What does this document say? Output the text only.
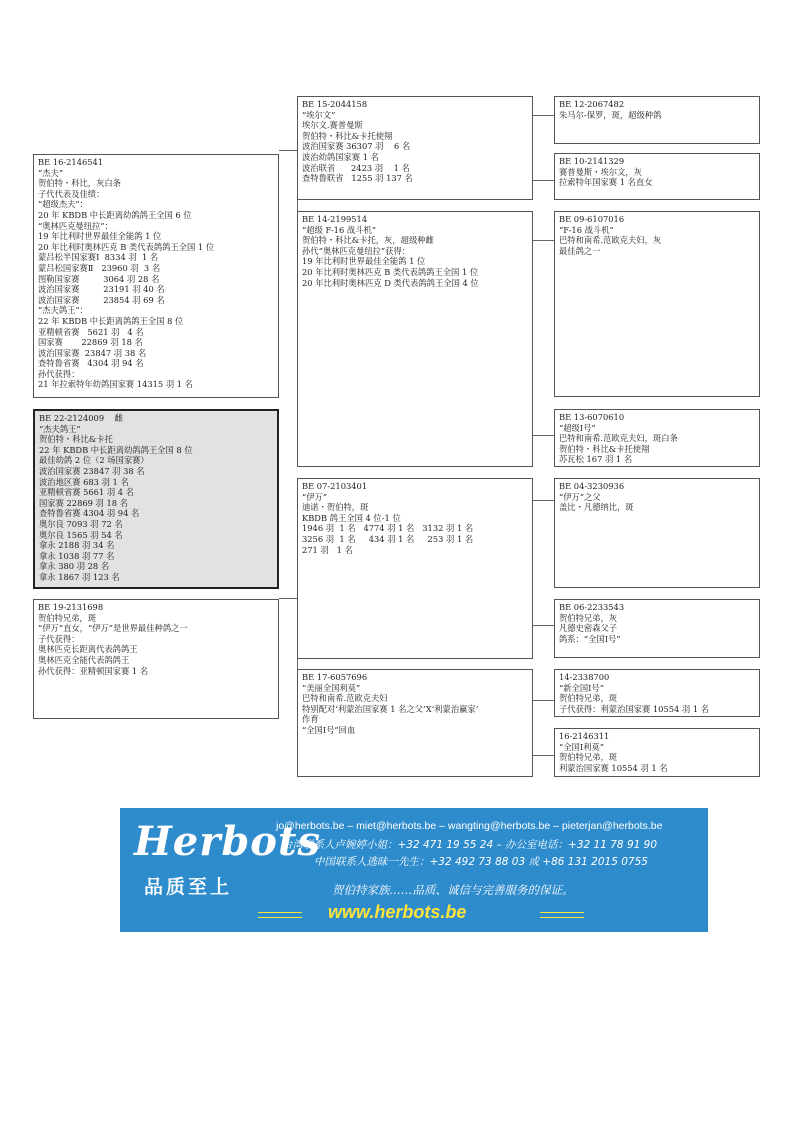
BE 16-2146541
“杰夫”
贺伯特・科比，灰白条
子代代表及佳绩：
“超级杰夫”：
20 年 KBDB 中长距离幼鸽鸽王全国 6 位
“奥林匹克曼纽拉”：
19 年比利时世界最佳全能鸽 1 位
20 年比利时奥林匹克 B 类代表鸽鸽王全国 1 位
蒙吕松半国家赛Ⅰ  8334 羽  1 名
蒙吕松国家赛Ⅱ   23960 羽  3 名
图勒国家赛         3064 羽 28 名
波治国家赛         23191 羽 40 名
波治国家赛         23854 羽 69 名
“杰夫鸽王”：
22 年 KBDB 中长距离鸽鸽王全国 8 位
亚精顿省赛   5621 羽   4 名
国家赛       22869 羽 18 名
波治国家赛  23847 羽 38 名
查特鲁省赛   4304 羽 94 名
孙代获得：
21 年拉索特年幼鸽国家赛 14315 羽 1 名
BE 22-2124009    雌
“杰夫鸽王”
贺伯特・科比&卡托
22 年 KBDB 中长距离幼鸽鸽王全国 8 位
最佳幼鸽 2 位（2 场国家赛）
波治国家赛 23847 羽 38 名
波治地区赛 683 羽 1 名
亚精顿省赛 5661 羽 4 名
国家赛 22869 羽 18 名
查特鲁省赛 4304 羽 94 名
奥尔良 7093 羽 72 名
奥尔良 1565 羽 54 名
拿永 2188 羽 34 名
拿永 1038 羽 77 名
拿永 380 羽 28 名
拿永 1867 羽 123 名
BE 19-2131698
贺伯特兄弟，斑
“伊万”直女，“伊万”是世界最佳种鸽之一
子代获得：
奥林匹克长距离代表鸽鸽王
奥林匹克全能代表鸽鸽王
孙代获得：亚精顿国家赛 1 名
BE 15-2044158
“埃尔文”
埃尔文.赛普曼斯
贺伯特・科比&卡托使翔
波治国家赛 36307 羽    6 名
波治幼鸽国家赛 1 名
波治联省      2423 羽    1 名
查特鲁联省   1255 羽 137 名
BE 14-2199514
“超级 F-16 战斗机”
贺伯特・科比&卡托，灰，超级种雌
孙代“奥林匹克曼纽拉”获得：
19 年比利时世界最佳全能鸽 1 位
20 年比利时奥林匹克 B 类代表鸽鸽王全国 1 位
20 年比利时奥林匹克 D 类代表鸽鸽王全国 4 位
BE 07-2103401
“伊万”
迪诺・贺伯特，斑
KBDB 鸽王全国 4 位-1 位
1946 羽  1 名   4774 羽 1 名   3132 羽 1 名
3256 羽  1 名     434 羽 1 名     253 羽 1 名
271 羽   1 名
BE 17-6057696
“美丽全国利莫”
巴特和南希.范欧克夫妇
特别配对‘利蒙治国家赛 1 名之父’X‘利蒙治赢家’
作育
“全国Ⅰ号”回血
BE 12-2067482
朱马尔-保罗，斑，超级种鸽
BE 10-2141329
赛普曼斯・埃尔文，灰
拉索特年国家赛 1 名直女
BE 09-6107016
“F-16 战斗机”
巴特和南希.范欧克夫妇，灰
最佳鸽之一
BE 13-6070610
“超级Ⅰ号”
巴特和南希.范欧克夫妇，斑白条
贺伯特・科比&卡托使翔
苏瓦松 167 羽 1 名
BE 04-3230936
“伊万”之父
盖比・凡德纳比，斑
BE 06-2233543
贺伯特兄弟，灰
凡德史密森父子
鸽系：“全国Ⅰ号”
14-2338700
“新全国Ⅰ号”
贺伯特兄弟，斑
子代获得：利蒙治国家赛 10554 羽 1 名
16-2146311
“全国Ⅰ利莫”
贺伯特兄弟，斑
利蒙治国家赛 10554 羽 1 名
Herbots
品质至上
jo@herbots.be – miet@herbots.be – wangting@herbots.be – pieterjan@herbots.be
台湾联系人卢婉婷小姐：+32 471 19 55 24 – 办公室电话：+32 11 78 91 90
中国联系人逃昧一先生：+32 492 73 88 03 或 +86 131 2015 0755
贺伯特家族……品质、诚信与完善服务的保证。
www.herbots.be
